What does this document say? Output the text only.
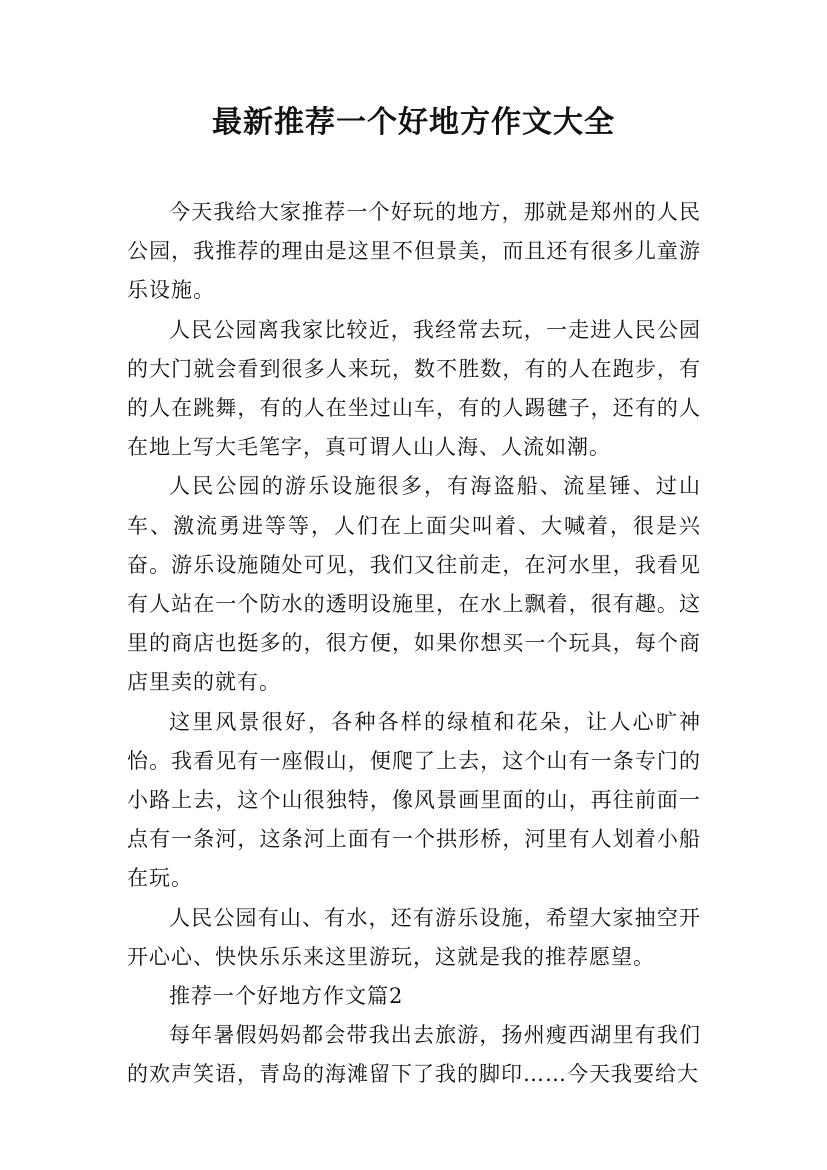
最新推荐一个好地方作文大全

今天我给大家推荐一个好玩的地方，那就是郑州的人民公园，我推荐的理由是这里不但景美，而且还有很多儿童游乐设施。

人民公园离我家比较近，我经常去玩，一走进人民公园的大门就会看到很多人来玩，数不胜数，有的人在跑步，有的人在跳舞，有的人在坐过山车，有的人踢毽子，还有的人在地上写大毛笔字，真可谓人山人海、人流如潮。

人民公园的游乐设施很多，有海盗船、流星锤、过山车、激流勇进等等，人们在上面尖叫着、大喊着，很是兴奋。游乐设施随处可见，我们又往前走，在河水里，我看见有人站在一个防水的透明设施里，在水上飘着，很有趣。这里的商店也挺多的，很方便，如果你想买一个玩具，每个商店里卖的就有。

这里风景很好，各种各样的绿植和花朵，让人心旷神怡。我看见有一座假山，便爬了上去，这个山有一条专门的小路上去，这个山很独特，像风景画里面的山，再往前面一点有一条河，这条河上面有一个拱形桥，河里有人划着小船在玩。

人民公园有山、有水，还有游乐设施，希望大家抽空开开心心、快快乐乐来这里游玩，这就是我的推荐愿望。

推荐一个好地方作文篇2

每年暑假妈妈都会带我出去旅游，扬州瘦西湖里有我们的欢声笑语，青岛的海滩留下了我的脚印……今天我要给大
